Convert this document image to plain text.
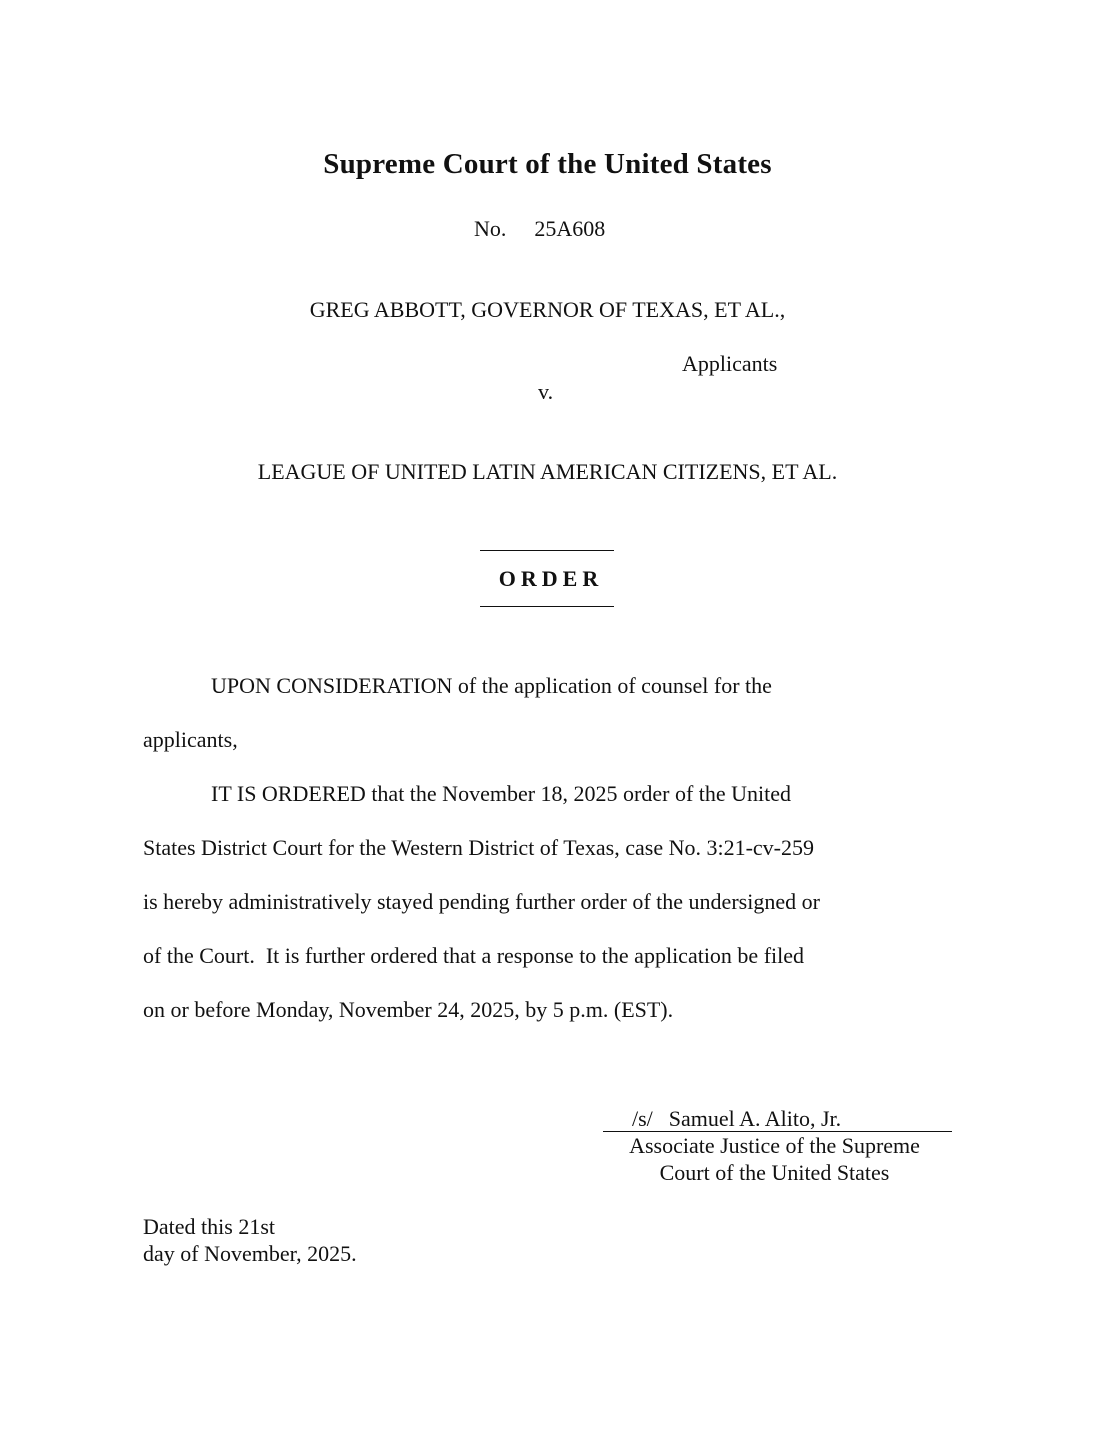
Supreme Court of the United States
No. 25A608
GREG ABBOTT, GOVERNOR OF TEXAS, ET AL.,
Applicants
v.
LEAGUE OF UNITED LATIN AMERICAN CITIZENS, ET AL.
ORDER
UPON CONSIDERATION of the application of counsel for the
applicants,
IT IS ORDERED that the November 18, 2025 order of the United
States District Court for the Western District of Texas, case No. 3:21-cv-259
is hereby administratively stayed pending further order of the undersigned or
of the Court.  It is further ordered that a response to the application be filed
on or before Monday, November 24, 2025, by 5 p.m. (EST).
/s/ Samuel A. Alito, Jr.
Associate Justice of the Supreme
Court of the United States
Dated this 21st
day of November, 2025.
